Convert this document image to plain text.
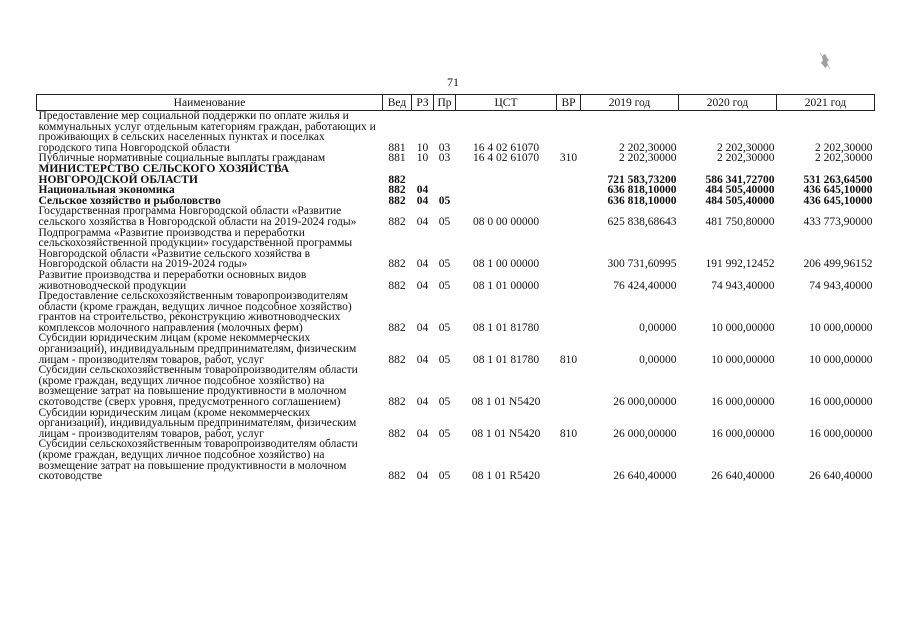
71
Наименование	Вед	РЗ	Пр	ЦСТ	ВР	2019 год	2020 год	2021 год
Предоставление мер социальной поддержки по оплате жилья и коммунальных услуг отдельным категориям граждан, работающих и проживающих в сельских населенных пунктах и поселках городского типа Новгородской области	881	10	03	16 4 02 61070		2 202,30000	2 202,30000	2 202,30000
Публичные нормативные социальные выплаты гражданам	881	10	03	16 4 02 61070	310	2 202,30000	2 202,30000	2 202,30000
МИНИСТЕРСТВО СЕЛЬСКОГО ХОЗЯЙСТВА НОВГОРОДСКОЙ ОБЛАСТИ	882					721 583,73200	586 341,72700	531 263,64500
Национальная экономика	882	04				636 818,10000	484 505,40000	436 645,10000
Сельское хозяйство и рыболовство	882	04	05			636 818,10000	484 505,40000	436 645,10000
Государственная программа Новгородской области «Развитие сельского хозяйства в Новгородской области на 2019-2024 годы»	882	04	05	08 0 00 00000		625 838,68643	481 750,80000	433 773,90000
Подпрограмма «Развитие производства и переработки сельскохозяйственной продукции» государственной программы Новгородской области «Развитие сельского хозяйства в Новгородской области на 2019-2024 годы»	882	04	05	08 1 00 00000		300 731,60995	191 992,12452	206 499,96152
Развитие производства и переработки основных видов животноводческой продукции	882	04	05	08 1 01 00000		76 424,40000	74 943,40000	74 943,40000
Предоставление сельскохозяйственным товаропроизводителям области (кроме граждан, ведущих личное подсобное хозяйство) грантов на строительство, реконструкцию животноводческих комплексов молочного направления (молочных ферм)	882	04	05	08 1 01 81780		0,00000	10 000,00000	10 000,00000
Субсидии юридическим лицам (кроме некоммерческих организаций), индивидуальным предпринимателям, физическим лицам - производителям товаров, работ, услуг	882	04	05	08 1 01 81780	810	0,00000	10 000,00000	10 000,00000
Субсидии сельскохозяйственным товаропроизводителям области (кроме граждан, ведущих личное подсобное хозяйство) на возмещение затрат на повышение продуктивности в молочном скотоводстве (сверх уровня, предусмотренного соглашением)	882	04	05	08 1 01 N5420		26 000,00000	16 000,00000	16 000,00000
Субсидии юридическим лицам (кроме некоммерческих организаций), индивидуальным предпринимателям, физическим лицам - производителям товаров, работ, услуг	882	04	05	08 1 01 N5420	810	26 000,00000	16 000,00000	16 000,00000
Субсидии сельскохозяйственным товаропроизводителям области (кроме граждан, ведущих личное подсобное хозяйство) на возмещение затрат на повышение продуктивности в молочном скотоводстве	882	04	05	08 1 01 R5420		26 640,40000	26 640,40000	26 640,40000
